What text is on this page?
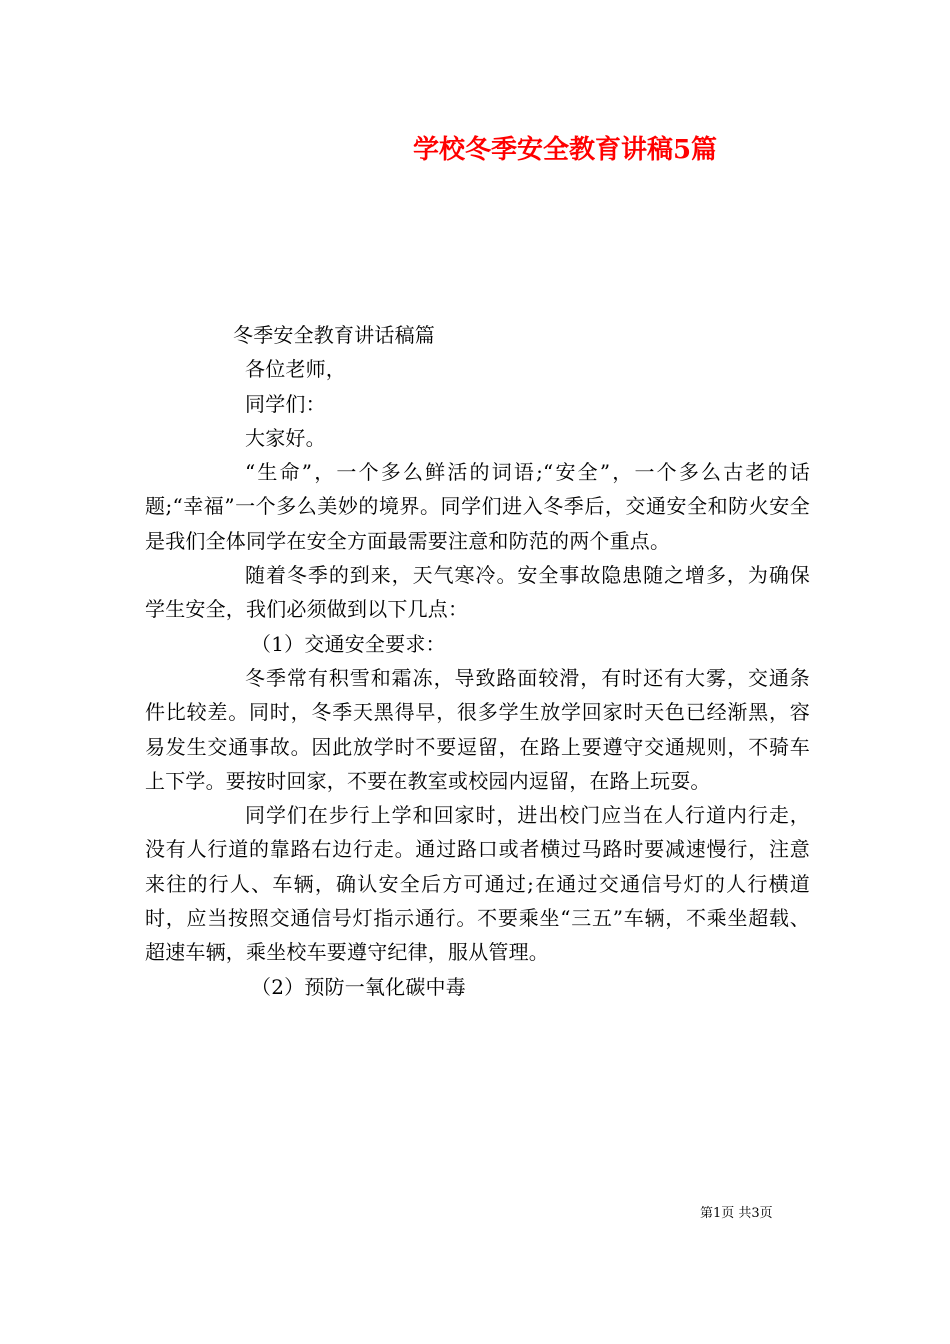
学校冬季安全教育讲稿5篇

冬季安全教育讲话稿篇

各位老师，

同学们：

大家好。

“生命”，一个多么鲜活的词语;“安全”，一个多么古老的话题;“幸福”一个多么美妙的境界。同学们进入冬季后，交通安全和防火安全是我们全体同学在安全方面最需要注意和防范的两个重点。

随着冬季的到来，天气寒冷。安全事故隐患随之增多，为确保学生安全，我们必须做到以下几点：

（1）交通安全要求：

冬季常有积雪和霜冻，导致路面较滑，有时还有大雾，交通条件比较差。同时，冬季天黑得早，很多学生放学回家时天色已经渐黑，容易发生交通事故。因此放学时不要逗留，在路上要遵守交通规则，不骑车上下学。要按时回家，不要在教室或校园内逗留，在路上玩耍。

同学们在步行上学和回家时，进出校门应当在人行道内行走，没有人行道的靠路右边行走。通过路口或者横过马路时要减速慢行，注意来往的行人、车辆，确认安全后方可通过;在通过交通信号灯的人行横道时，应当按照交通信号灯指示通行。不要乘坐“三五”车辆，不乘坐超载、超速车辆，乘坐校车要遵守纪律，服从管理。

（2）预防一氧化碳中毒

第1页 共3页
